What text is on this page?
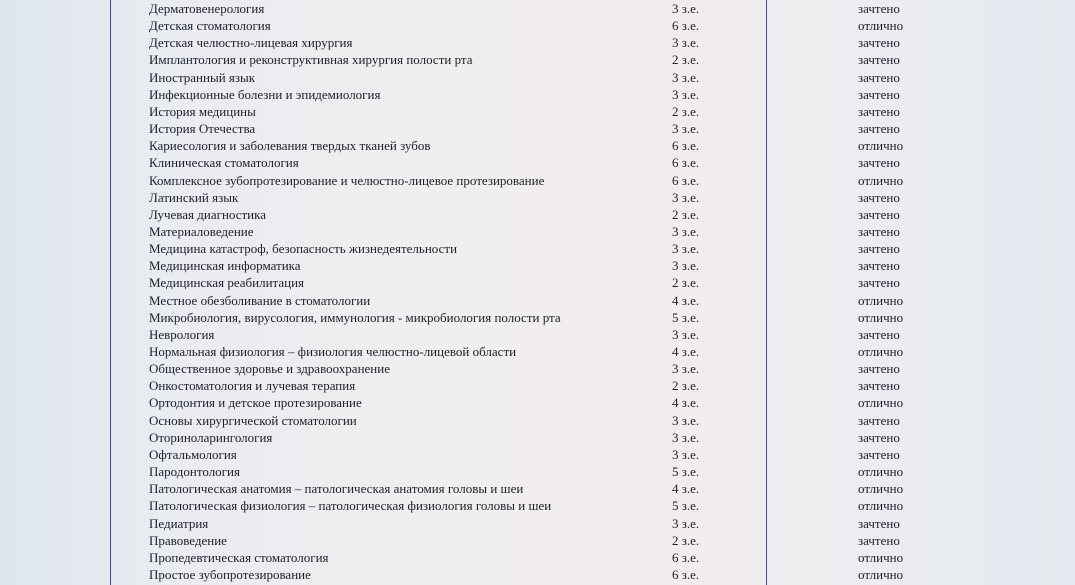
Дерматовенерология	3 з.е.	зачтено
Детская стоматология	6 з.е.	отлично
Детская челюстно-лицевая хирургия	3 з.е.	зачтено
Имплантология и реконструктивная хирургия полости рта	2 з.е.	зачтено
Иностранный язык	3 з.е.	зачтено
Инфекционные болезни и эпидемиология	3 з.е.	зачтено
История медицины	2 з.е.	зачтено
История Отечества	3 з.е.	зачтено
Кариесология и заболевания твердых тканей зубов	6 з.е.	отлично
Клиническая стоматология	6 з.е.	зачтено
Комплексное зубопротезирование и челюстно-лицевое протезирование	6 з.е.	отлично
Латинский язык	3 з.е.	зачтено
Лучевая диагностика	2 з.е.	зачтено
Материаловедение	3 з.е.	зачтено
Медицина катастроф, безопасность жизнедеятельности	3 з.е.	зачтено
Медицинская информатика	3 з.е.	зачтено
Медицинская реабилитация	2 з.е.	зачтено
Местное обезболивание в стоматологии	4 з.е.	отлично
Микробиология, вирусология, иммунология - микробиология полости рта	5 з.е.	отлично
Неврология	3 з.е.	зачтено
Нормальная физиология – физиология челюстно-лицевой области	4 з.е.	отлично
Общественное здоровье и здравоохранение	3 з.е.	зачтено
Онкостоматология и лучевая терапия	2 з.е.	зачтено
Ортодонтия и детское протезирование	4 з.е.	отлично
Основы хирургической стоматологии	3 з.е.	зачтено
Оториноларингология	3 з.е.	зачтено
Офтальмология	3 з.е.	зачтено
Пародонтология	5 з.е.	отлично
Патологическая анатомия – патологическая анатомия головы и шеи	4 з.е.	отлично
Патологическая физиология – патологическая физиология головы и шеи	5 з.е.	отлично
Педиатрия	3 з.е.	зачтено
Правоведение	2 з.е.	зачтено
Пропедевтическая стоматология	6 з.е.	отлично
Простое зубопротезирование	6 з.е.	отлично
